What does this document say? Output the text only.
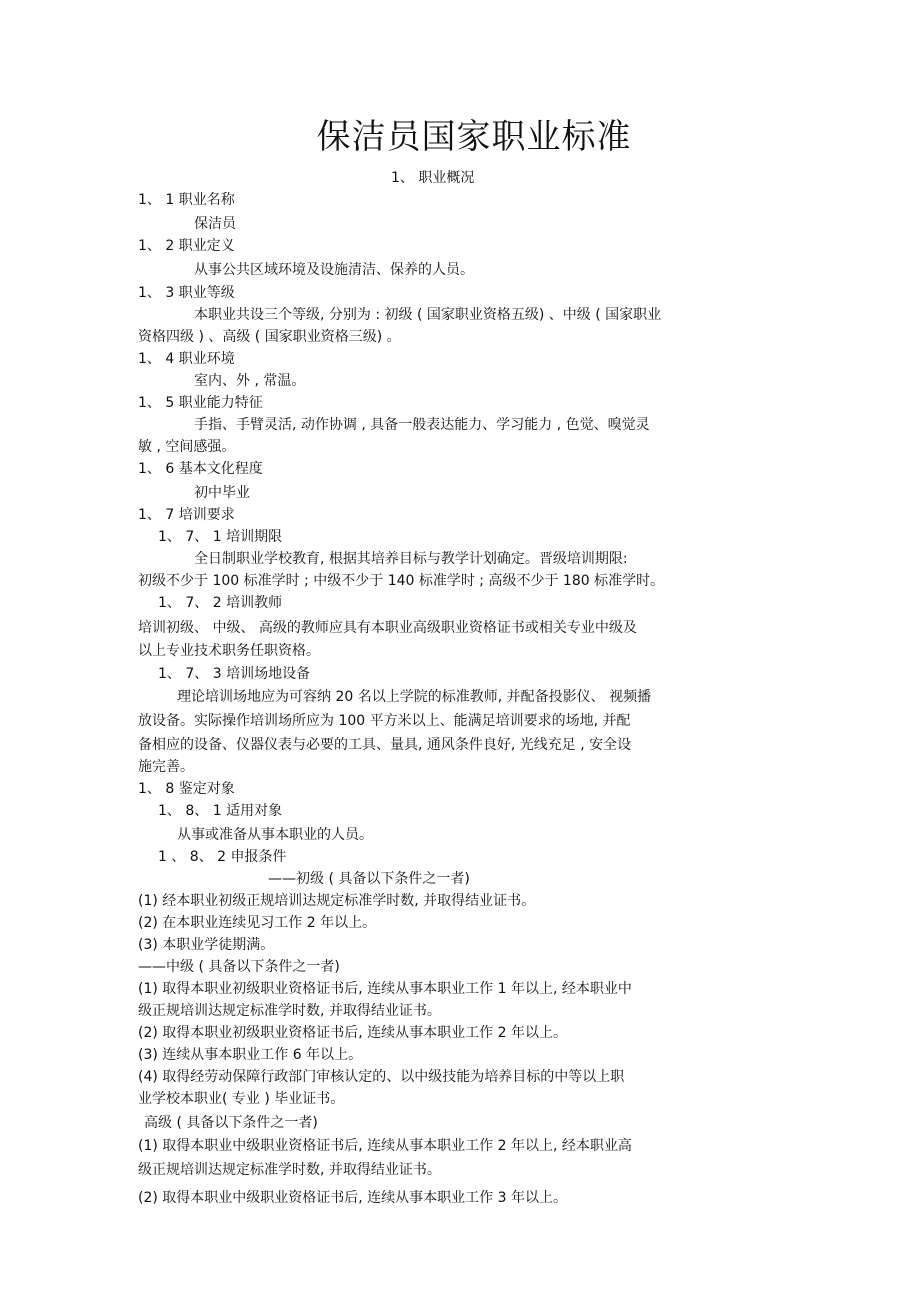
保洁员国家职业标准
1、 职业概况
1、 1 职业名称
保洁员
1、 2 职业定义
从事公共区域环境及设施清洁、保养的人员。
1、 3 职业等级
本职业共设三个等级, 分别为 : 初级 ( 国家职业资格五级) 、中级 ( 国家职业
资格四级 ) 、高级 ( 国家职业资格三级) 。
1、 4 职业环境
室内、外 , 常温。
1、 5 职业能力特征
手指、手臂灵活, 动作协调 , 具备一般表达能力、学习能力 , 色觉、嗅觉灵
敏 , 空间感强。
1、 6 基本文化程度
初中毕业
1、 7 培训要求
1、 7、 1 培训期限
全日制职业学校教育, 根据其培养目标与教学计划确定。晋级培训期限:
初级不少于 100 标准学时 ; 中级不少于 140 标准学时 ; 高级不少于 180 标准学时。
1、 7、 2 培训教师
培训初级、 中级、 高级的教师应具有本职业高级职业资格证书或相关专业中级及
以上专业技术职务任职资格。
1、 7、 3 培训场地设备
理论培训场地应为可容纳 20 名以上学院的标准教师, 并配备投影仪、 视频播
放设备。实际操作培训场所应为 100 平方米以上、能满足培训要求的场地, 并配
备相应的设备、仪器仪表与必要的工具、量具, 通风条件良好, 光线充足 , 安全设
施完善。
1、 8 鉴定对象
1、 8、 1 适用对象
从事或准备从事本职业的人员。
1 、 8、 2 申报条件
——初级 ( 具备以下条件之一者)
(1) 经本职业初级正规培训达规定标准学时数, 并取得结业证书。
(2) 在本职业连续见习工作 2 年以上。
(3) 本职业学徒期满。
——中级 ( 具备以下条件之一者)
(1) 取得本职业初级职业资格证书后, 连续从事本职业工作 1 年以上, 经本职业中
级正规培训达规定标准学时数, 并取得结业证书。
(2) 取得本职业初级职业资格证书后, 连续从事本职业工作 2 年以上。
(3) 连续从事本职业工作 6 年以上。
(4) 取得经劳动保障行政部门审核认定的、以中级技能为培养目标的中等以上职
业学校本职业( 专业 ) 毕业证书。
高级 ( 具备以下条件之一者)
(1) 取得本职业中级职业资格证书后, 连续从事本职业工作 2 年以上, 经本职业高
级正规培训达规定标准学时数, 并取得结业证书。
(2) 取得本职业中级职业资格证书后, 连续从事本职业工作 3 年以上。
